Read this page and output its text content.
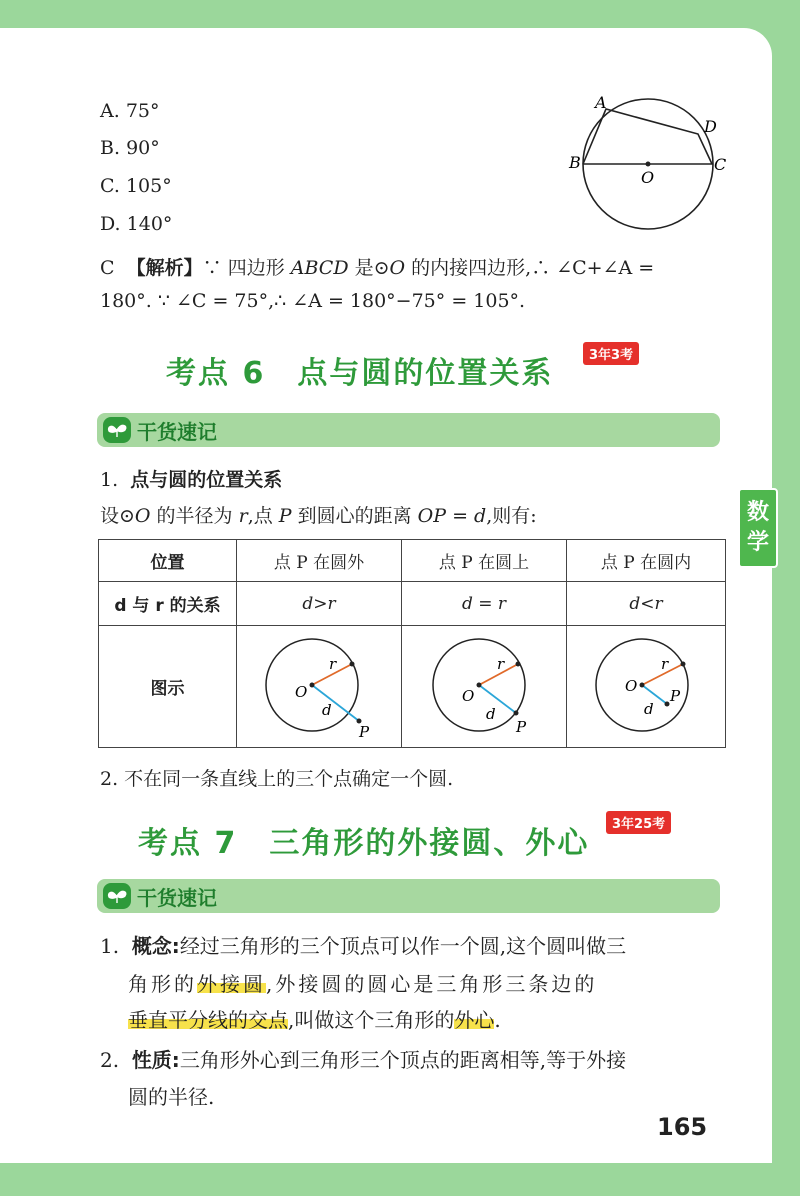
A. 75°
B. 90°
C. 105°
D. 140°
A
D
B	C
O
C 【解析】∵ 四边形 ABCD 是⊙O 的内接四边形,∴ ∠C+∠A =
180°. ∵ ∠C = 75°,∴ ∠A = 180°−75° = 105°.
考点 6　点与圆的位置关系
3年3考
干货速记
1. 点与圆的位置关系
设⊙O 的半径为 r,点 P 到圆心的距离 OP = d,则有:
位置	点 P 在圆外	点 P 在圆上	点 P 在圆内
d 与 r 的关系	d>r	d = r	d<r
图示	O
r
d
P	O
r
d
P	O
r
d
P
2. 不在同一条直线上的三个点确定一个圆.
考点 7　三角形的外接圆、外心
3年25考
干货速记
1. 概念:经过三角形的三个顶点可以作一个圆,这个圆叫做三
角形的外接圆,外接圆的圆心是三角形三条边的
垂直平分线的交点,叫做这个三角形的外心.
2. 性质:三角形外心到三角形三个顶点的距离相等,等于外接
圆的半径.
数
学
165
